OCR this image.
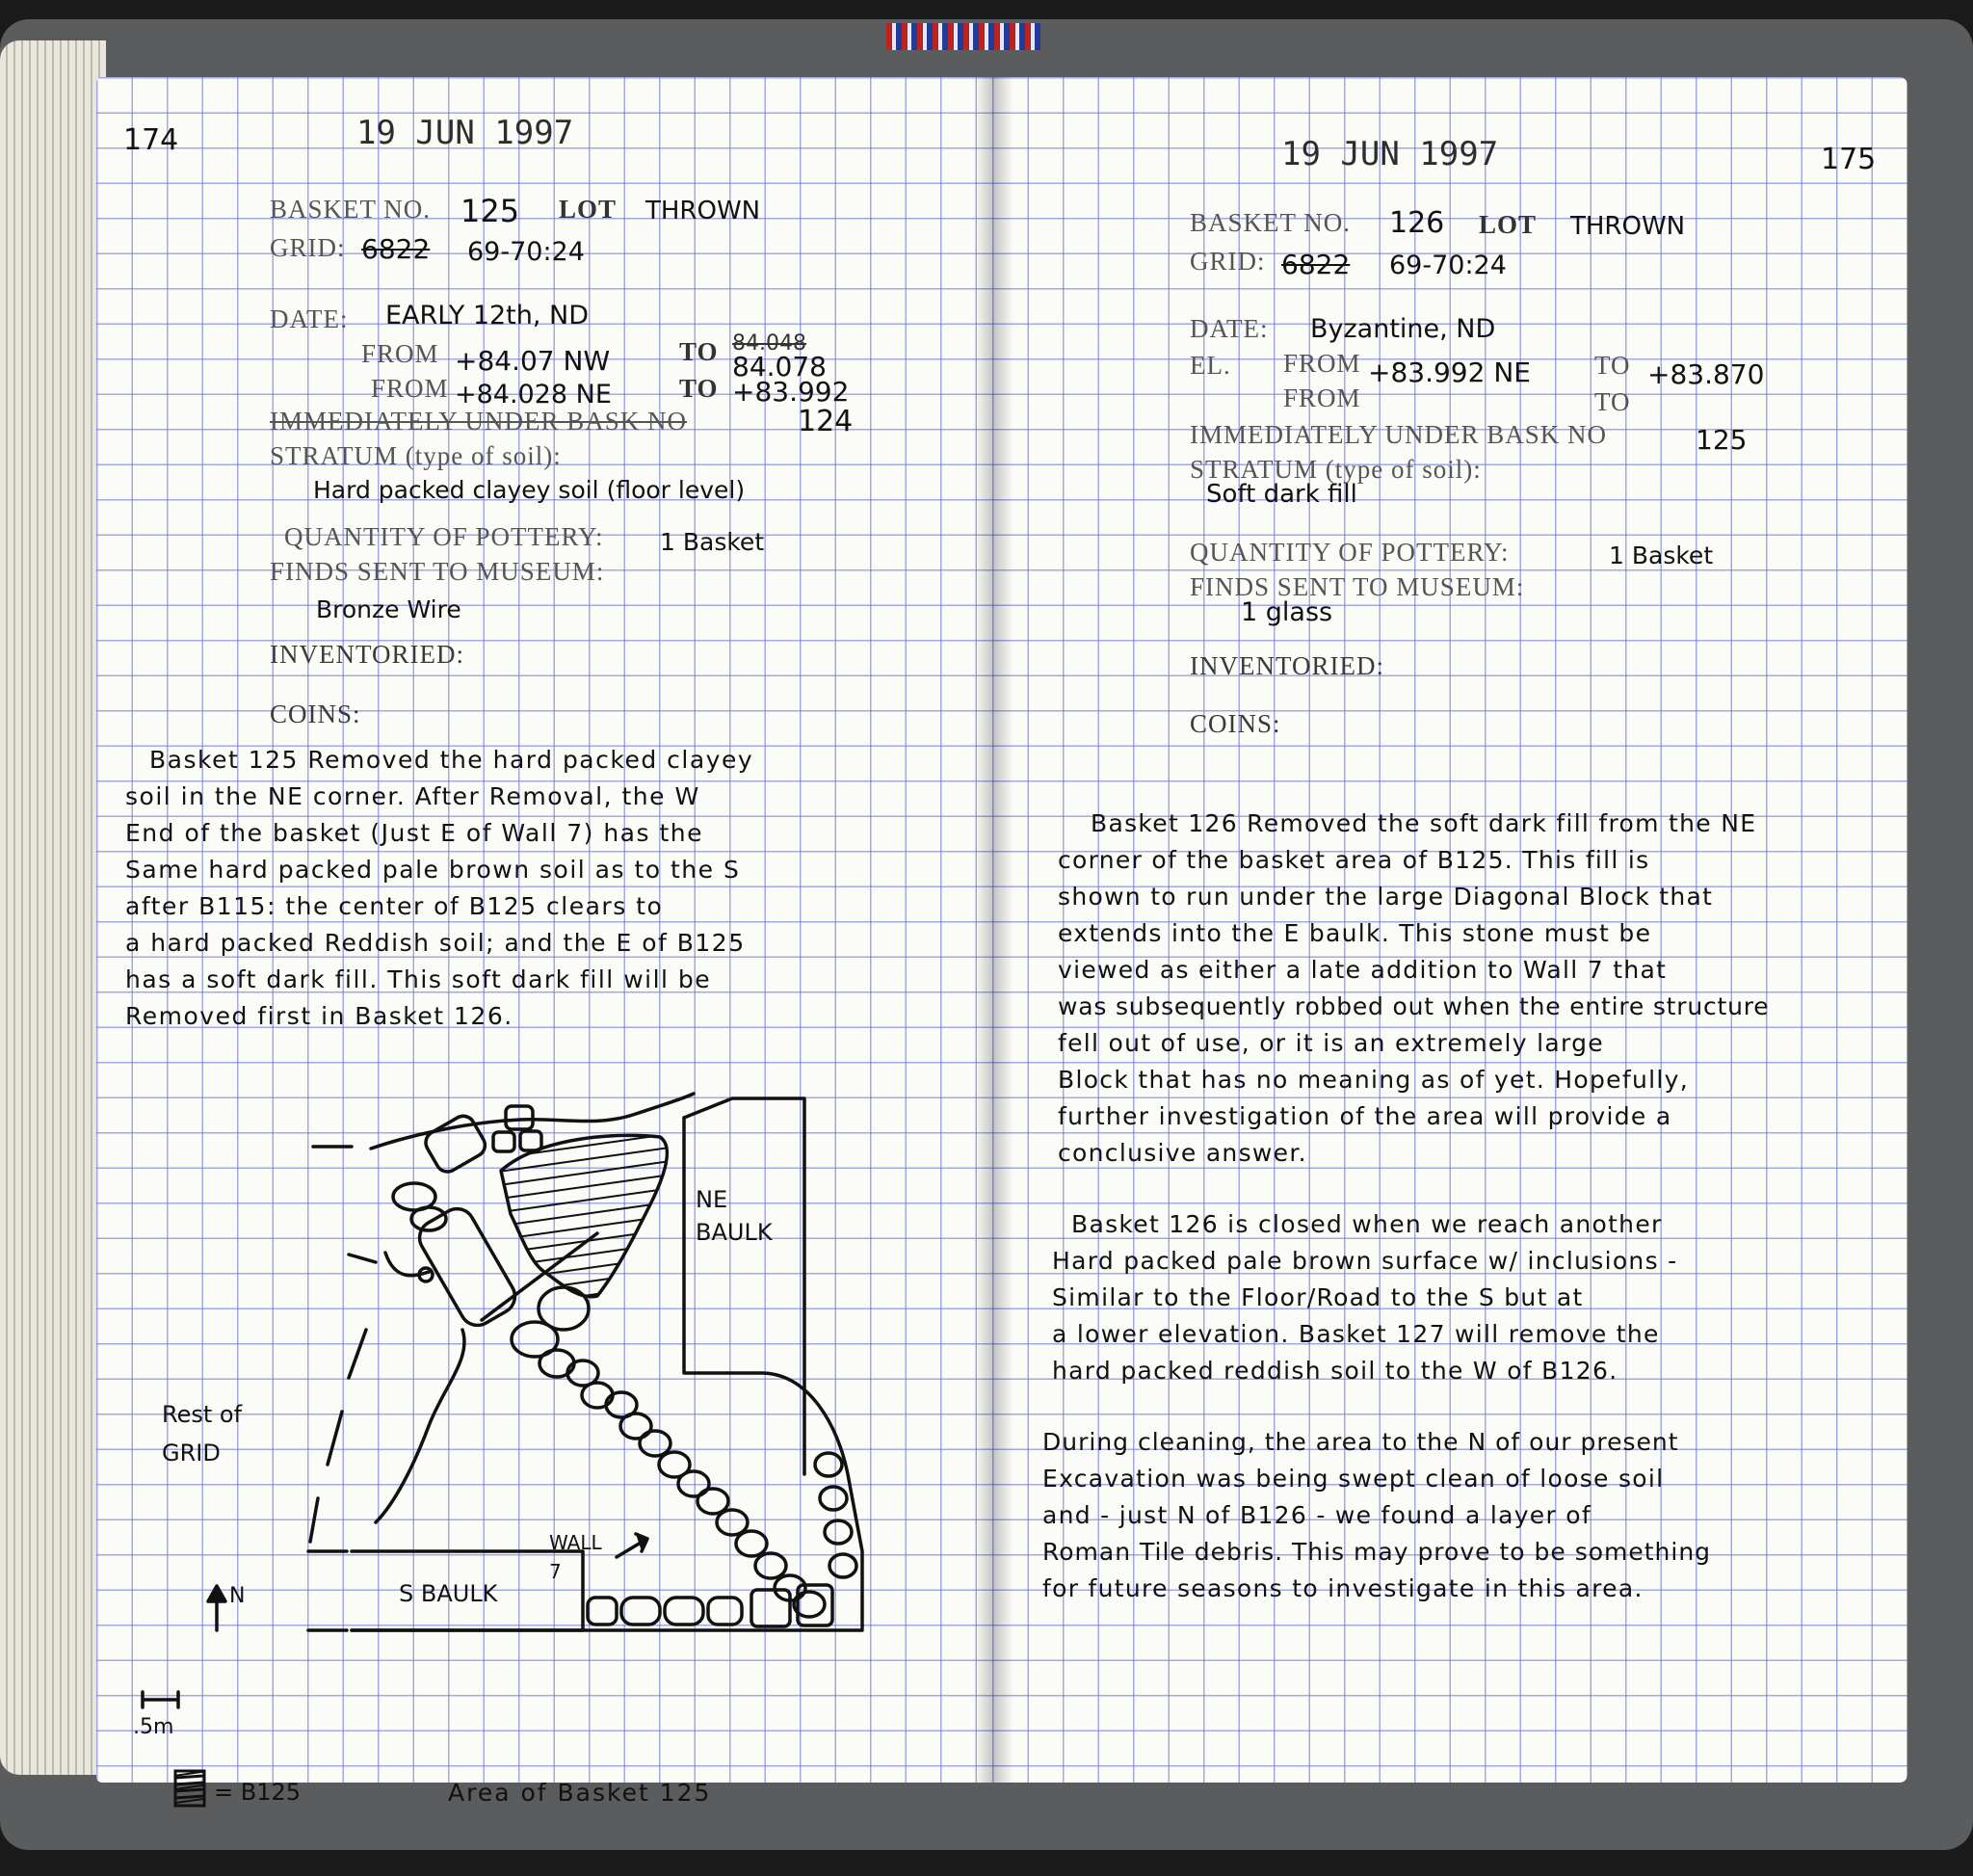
174	19 JUN 1997
BASKET NO. 125 LOT THROWN
GRID: 6822 69-70:24
DATE: EARLY 12th, ND
FROM +84.07 NW	TO 84.048
84.078
FROM +84.028 NE	TO +83.992
IMMEDIATELY UNDER BASK NO	124
STRATUM (type of soil):
Hard packed clayey soil (floor level)
QUANTITY OF POTTERY: 1 Basket
FINDS SENT TO MUSEUM:
Bronze Wire
INVENTORIED:
COINS:
Basket 125 Removed the hard packed clayey
soil in the NE corner. After Removal, the W
End of the basket (Just E of Wall 7) has the
Same hard packed pale brown soil as to the S
after B115: the center of B125 clears to
a hard packed Reddish soil; and the E of B125
has a soft dark fill. This soft dark fill will be
Removed first in Basket 126.
NE BAULK
Rest of GRID
WALL 7
S BAULK
N
.5m
= B125	Area of Basket 125
175
19 JUN 1997
BASKET NO. 126 LOT THROWN
GRID: 6822 69-70:24
DATE: Byzantine, ND
EL. FROM +83.992 NE TO +83.870
FROM	TO
IMMEDIATELY UNDER BASK NO	125
STRATUM (type of soil):
Soft dark fill
QUANTITY OF POTTERY:	1 Basket
FINDS SENT TO MUSEUM:
1 glass
INVENTORIED:
COINS:
Basket 126 Removed the soft dark fill from the NE
corner of the basket area of B125. This fill is
shown to run under the large Diagonal Block that
extends into the E baulk. This stone must be
viewed as either a late addition to Wall 7 that
was subsequently robbed out when the entire structure
fell out of use, or it is an extremely large
Block that has no meaning as of yet. Hopefully,
further investigation of the area will provide a
conclusive answer.
Basket 126 is closed when we reach another
Hard packed pale brown surface w/ inclusions -
Similar to the Floor/Road to the S but at
a lower elevation. Basket 127 will remove the
hard packed reddish soil to the W of B126.
During cleaning, the area to the N of our present
Excavation was being swept clean of loose soil
and - just N of B126 - we found a layer of
Roman Tile debris. This may prove to be something
for future seasons to investigate in this area.
